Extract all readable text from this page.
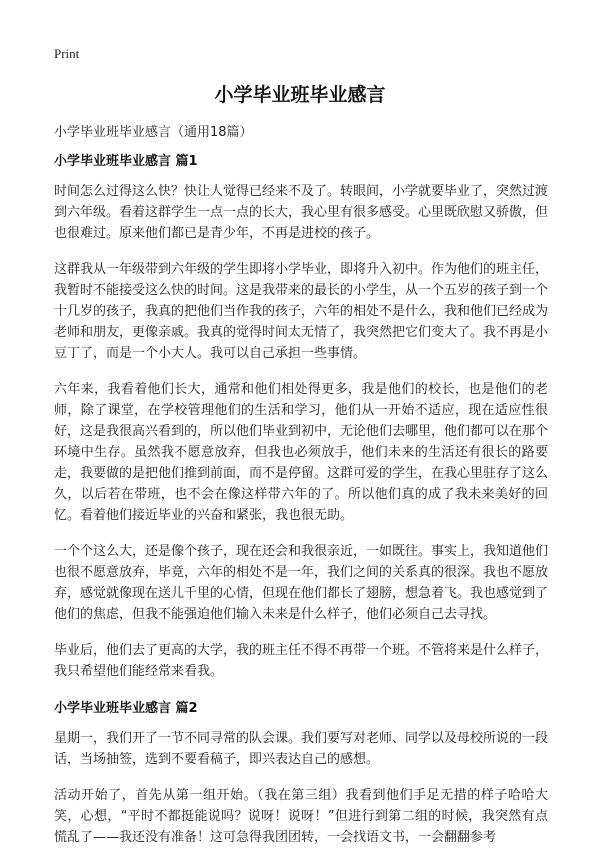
Print
小学毕业班毕业感言
小学毕业班毕业感言（通用18篇）
小学毕业班毕业感言 篇1

时间怎么过得这么快？快让人觉得已经来不及了。转眼间，小学就要毕业了，突然过渡到六年级。看着这群学生一点一点的长大，我心里有很多感受。心里既欣慰又骄傲，但也很难过。原来他们都已是青少年，不再是进校的孩子。

这群我从一年级带到六年级的学生即将小学毕业，即将升入初中。作为他们的班主任，我暂时不能接受这么快的时间。这是我带来的最长的小学生，从一个五岁的孩子到一个十几岁的孩子，我真的把他们当作我的孩子，六年的相处不是什么，我和他们已经成为老师和朋友，更像亲戚。我真的觉得时间太无情了，我突然把它们变大了。我不再是小豆丁了，而是一个小大人。我可以自己承担一些事情。

六年来，我看着他们长大，通常和他们相处得更多，我是他们的校长，也是他们的老师，除了课堂，在学校管理他们的生活和学习，他们从一开始不适应，现在适应性很好，这是我很高兴看到的，所以他们毕业到初中，无论他们去哪里，他们都可以在那个环境中生存。虽然我不愿意放弃，但我也必须放手，他们未来的生活还有很长的路要走，我要做的是把他们推到前面，而不是停留。这群可爱的学生，在我心里驻存了这么久，以后若在带班，也不会在像这样带六年的了。所以他们真的成了我未来美好的回忆。看着他们接近毕业的兴奋和紧张，我也很无助。

一个个这么大，还是像个孩子，现在还会和我很亲近，一如既往。事实上，我知道他们也很不愿意放弃，毕竟，六年的相处不是一年，我们之间的关系真的很深。我也不愿放弃，感觉就像现在送儿千里的心情，但现在他们都长了翅膀，想急着飞。我也感觉到了他们的焦虑，但我不能强迫他们输入未来是什么样子，他们必须自己去寻找。

毕业后，他们去了更高的大学，我的班主任不得不再带一个班。不管将来是什么样子，我只希望他们能经常来看我。

小学毕业班毕业感言 篇2

星期一，我们开了一节不同寻常的队会课。我们要写对老师、同学以及母校所说的一段话，当场抽签，选到不要看稿子，即兴表达自己的感想。

活动开始了，首先从第一组开始。（我在第三组）我看到他们手足无措的样子哈哈大笑，心想，“平时不都挺能说吗？说呀！说呀！”但进行到第二组的时候，我突然有点慌乱了——我还没有准备！这可急得我团团转，一会找语文书，一会翻翻参考
